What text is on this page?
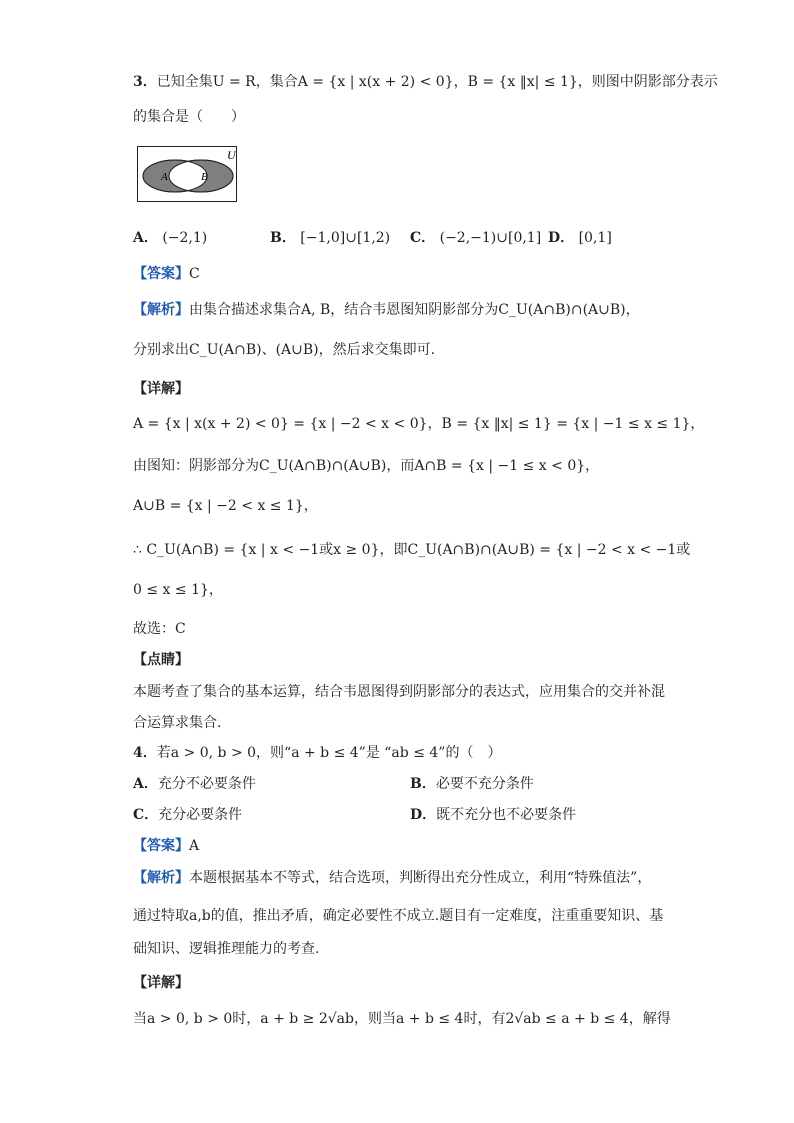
3．已知全集U = R，集合A = {x | x(x + 2) < 0}，B = {x ‖x| ≤ 1}，则图中阴影部分表示
的集合是（　　）
U
A	B
A． (−2,1)	B． [−1,0]∪[1,2) C． (−2,−1)∪[0,1] D． [0,1]
【答案】C
【解析】由集合描述求集合A, B，结合韦恩图知阴影部分为C_U(A∩B)∩(A∪B)，
分别求出C_U(A∩B)、(A∪B)，然后求交集即可.
【详解】
A = {x | x(x + 2) < 0} = {x | −2 < x < 0}，B = {x ‖x| ≤ 1} = {x | −1 ≤ x ≤ 1}，
由图知：阴影部分为C_U(A∩B)∩(A∪B)，而A∩B = {x | −1 ≤ x < 0}，
A∪B = {x | −2 < x ≤ 1}，
∴ C_U(A∩B) = {x | x < −1或x ≥ 0}，即C_U(A∩B)∩(A∪B) = {x | −2 < x < −1或
0 ≤ x ≤ 1}，
故选：C
【点睛】
本题考查了集合的基本运算，结合韦恩图得到阴影部分的表达式，应用集合的交并补混
合运算求集合.
4．若a > 0, b > 0，则“a + b ≤ 4”是 “ab ≤ 4”的（　）
A．充分不必要条件	B．必要不充分条件
C．充分必要条件	D．既不充分也不必要条件
【答案】A
【解析】本题根据基本不等式，结合选项，判断得出充分性成立，利用“特殊值法”，
通过特取a,b的值，推出矛盾，确定必要性不成立.题目有一定难度，注重重要知识、基
础知识、逻辑推理能力的考查.
【详解】
当a > 0, b > 0时，a + b ≥ 2√ab，则当a + b ≤ 4时，有2√ab ≤ a + b ≤ 4，解得
